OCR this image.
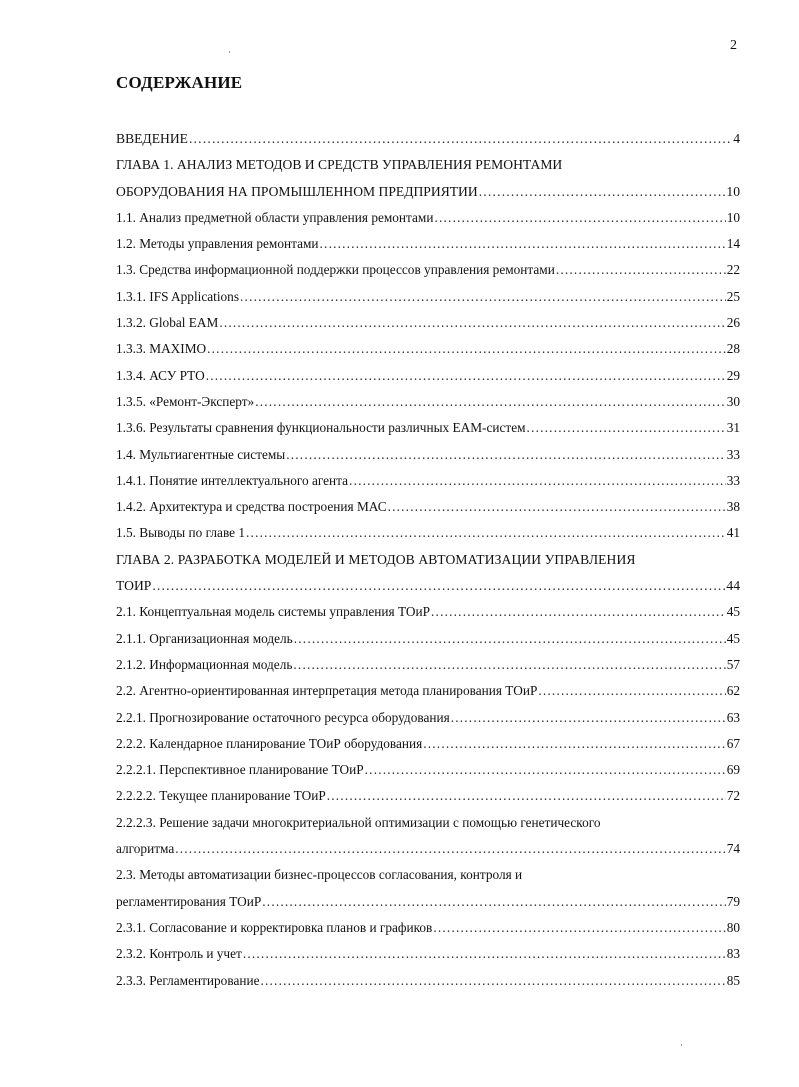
2
СОДЕРЖАНИЕ
ВВЕДЕНИЕ .....	4
ГЛАВА 1. АНАЛИЗ МЕТОДОВ И СРЕДСТВ УПРАВЛЕНИЯ РЕМОНТАМИ
ОБОРУДОВАНИЯ НА ПРОМЫШЛЕННОМ ПРЕДПРИЯТИИ .....	10
1.1. Анализ предметной области управления ремонтами .....	10
1.2. Методы управления ремонтами .....	14
1.3. Средства информационной поддержки процессов управления ремонтами .....	22
1.3.1. IFS Applications .....	25
1.3.2. Global EAM .....	26
1.3.3. MAXIMO .....	28
1.3.4. АСУ РТО .....	29
1.3.5. «Ремонт-Эксперт» .....	30
1.3.6. Результаты сравнения функциональности различных ЕАМ-систем .....	31
1.4. Мультиагентные системы .....	33
1.4.1. Понятие интеллектуального агента .....	33
1.4.2. Архитектура и средства построения МАС .....	38
1.5. Выводы по главе 1 .....	41
ГЛАВА 2. РАЗРАБОТКА МОДЕЛЕЙ И МЕТОДОВ АВТОМАТИЗАЦИИ УПРАВЛЕНИЯ
ТОИР .....	44
2.1. Концептуальная модель системы управления ТОиР .....	45
2.1.1. Организационная модель .....	45
2.1.2. Информационная модель .....	57
2.2. Агентно-ориентированная интерпретация метода планирования ТОиР .....	62
2.2.1. Прогнозирование остаточного ресурса оборудования .....	63
2.2.2. Календарное планирование ТОиР оборудования .....	67
2.2.2.1. Перспективное планирование ТОиР .....	69
2.2.2.2. Текущее планирование ТОиР .....	72
2.2.2.3. Решение задачи многокритериальной оптимизации с помощью генетического
алгоритма .....	74
2.3. Методы автоматизации бизнес-процессов согласования, контроля и
регламентирования ТОиР .....	79
2.3.1. Согласование и корректировка планов и графиков .....	80
2.3.2. Контроль и учет .....	83
2.3.3. Регламентирование .....	85
